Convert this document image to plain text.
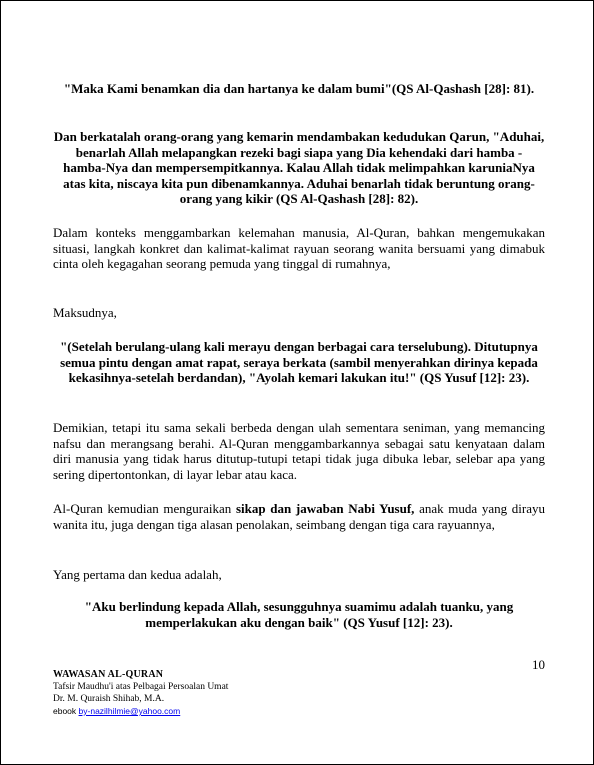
"Maka Kami benamkan dia dan hartanya ke dalam bumi"(QS Al-Qashash [28]: 81).

Dan berkatalah orang-orang yang kemarin mendambakan kedudukan Qarun, "Aduhai, benarlah Allah melapangkan rezeki bagi siapa yang Dia kehendaki dari hamba - hamba-Nya dan mempersempitkannya. Kalau Allah tidak melimpahkan karuniaNya atas kita, niscaya kita pun dibenamkannya. Aduhai benarlah tidak beruntung orang-orang yang kikir (QS Al-Qashash [28]: 82).

Dalam konteks menggambarkan kelemahan manusia, Al-Quran, bahkan mengemukakan situasi, langkah konkret dan kalimat-kalimat rayuan seorang wanita bersuami yang dimabuk cinta oleh kegagahan seorang pemuda yang tinggal di rumahnya,

Maksudnya,

"(Setelah berulang-ulang kali merayu dengan berbagai cara terselubung). Ditutupnya semua pintu dengan amat rapat, seraya berkata (sambil menyerahkan dirinya kepada kekasihnya-setelah berdandan), "Ayolah kemari lakukan itu!" (QS Yusuf [12]: 23).

Demikian, tetapi itu sama sekali berbeda dengan ulah sementara seniman, yang memancing nafsu dan merangsang berahi. Al-Quran menggambarkannya sebagai satu kenyataan dalam diri manusia yang tidak harus ditutup-tutupi tetapi tidak juga dibuka lebar, selebar apa yang sering dipertontonkan, di layar lebar atau kaca.

Al-Quran kemudian menguraikan sikap dan jawaban Nabi Yusuf, anak muda yang dirayu wanita itu, juga dengan tiga alasan penolakan, seimbang dengan tiga cara rayuannya,

Yang pertama dan kedua adalah,

"Aku berlindung kepada Allah, sesungguhnya suamimu adalah tuanku, yang memperlakukan aku dengan baik" (QS Yusuf [12]: 23).

10
WAWASAN AL-QURAN
Tafsir Maudhu'i atas Pelbagai Persoalan Umat
Dr. M. Quraish Shihab, M.A.
ebook by-nazilhilmie@yahoo.com
